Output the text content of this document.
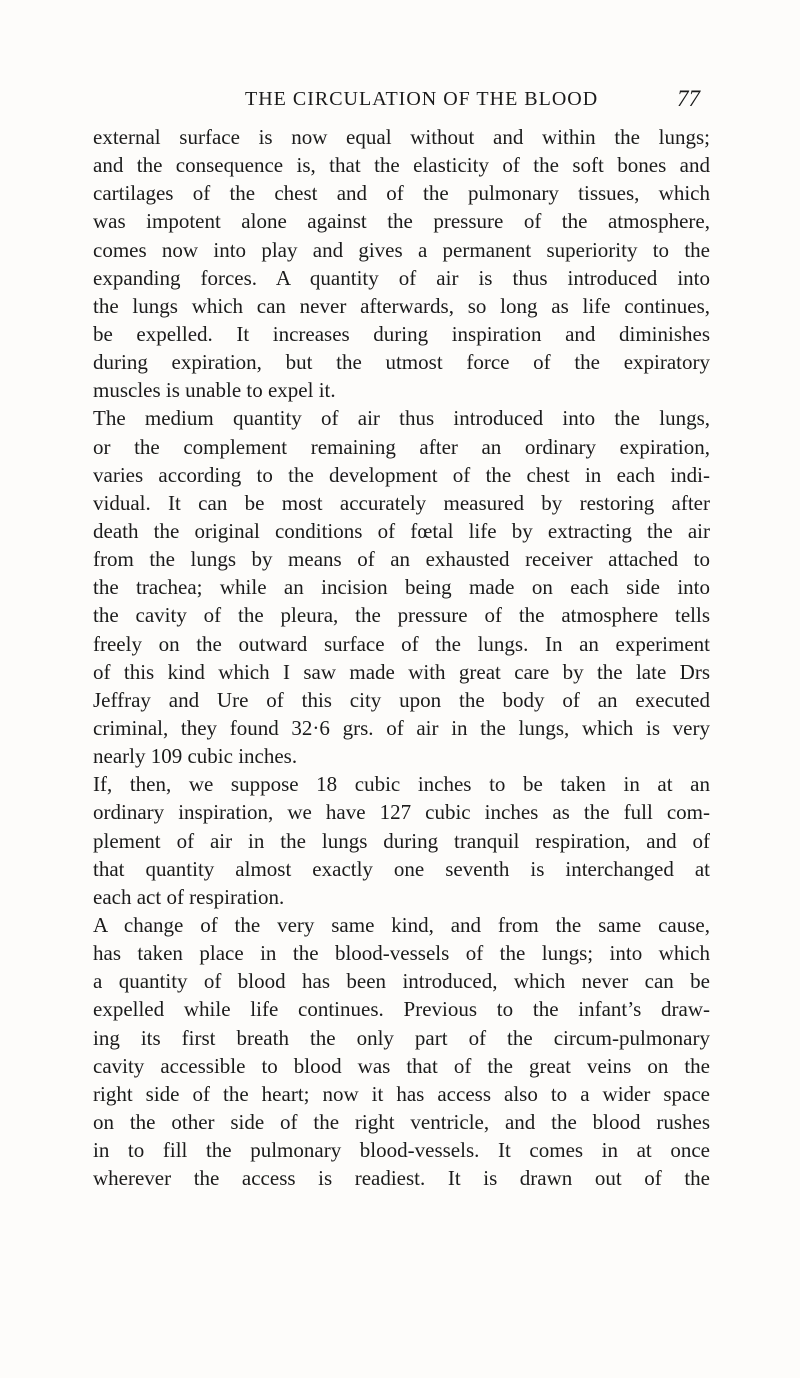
THE CIRCULATION OF THE BLOOD	77
external surface is now equal without and within the lungs;
and the consequence is, that the elasticity of the soft bones and
cartilages of the chest and of the pulmonary tissues, which
was impotent alone against the pressure of the atmosphere,
comes now into play and gives a permanent superiority to the
expanding forces. A quantity of air is thus introduced into
the lungs which can never afterwards, so long as life continues,
be expelled. It increases during inspiration and diminishes
during expiration, but the utmost force of the expiratory
muscles is unable to expel it.
The medium quantity of air thus introduced into the lungs,
or the complement remaining after an ordinary expiration,
varies according to the development of the chest in each indi-
vidual. It can be most accurately measured by restoring after
death the original conditions of fœtal life by extracting the air
from the lungs by means of an exhausted receiver attached to
the trachea; while an incision being made on each side into
the cavity of the pleura, the pressure of the atmosphere tells
freely on the outward surface of the lungs. In an experiment
of this kind which I saw made with great care by the late Drs
Jeffray and Ure of this city upon the body of an executed
criminal, they found 32·6 grs. of air in the lungs, which is very
nearly 109 cubic inches.
If, then, we suppose 18 cubic inches to be taken in at an
ordinary inspiration, we have 127 cubic inches as the full com-
plement of air in the lungs during tranquil respiration, and of
that quantity almost exactly one seventh is interchanged at
each act of respiration.
A change of the very same kind, and from the same cause,
has taken place in the blood-vessels of the lungs; into which
a quantity of blood has been introduced, which never can be
expelled while life continues. Previous to the infant’s draw-
ing its first breath the only part of the circum-pulmonary
cavity accessible to blood was that of the great veins on the
right side of the heart; now it has access also to a wider space
on the other side of the right ventricle, and the blood rushes
in to fill the pulmonary blood-vessels. It comes in at once
wherever the access is readiest. It is drawn out of the
